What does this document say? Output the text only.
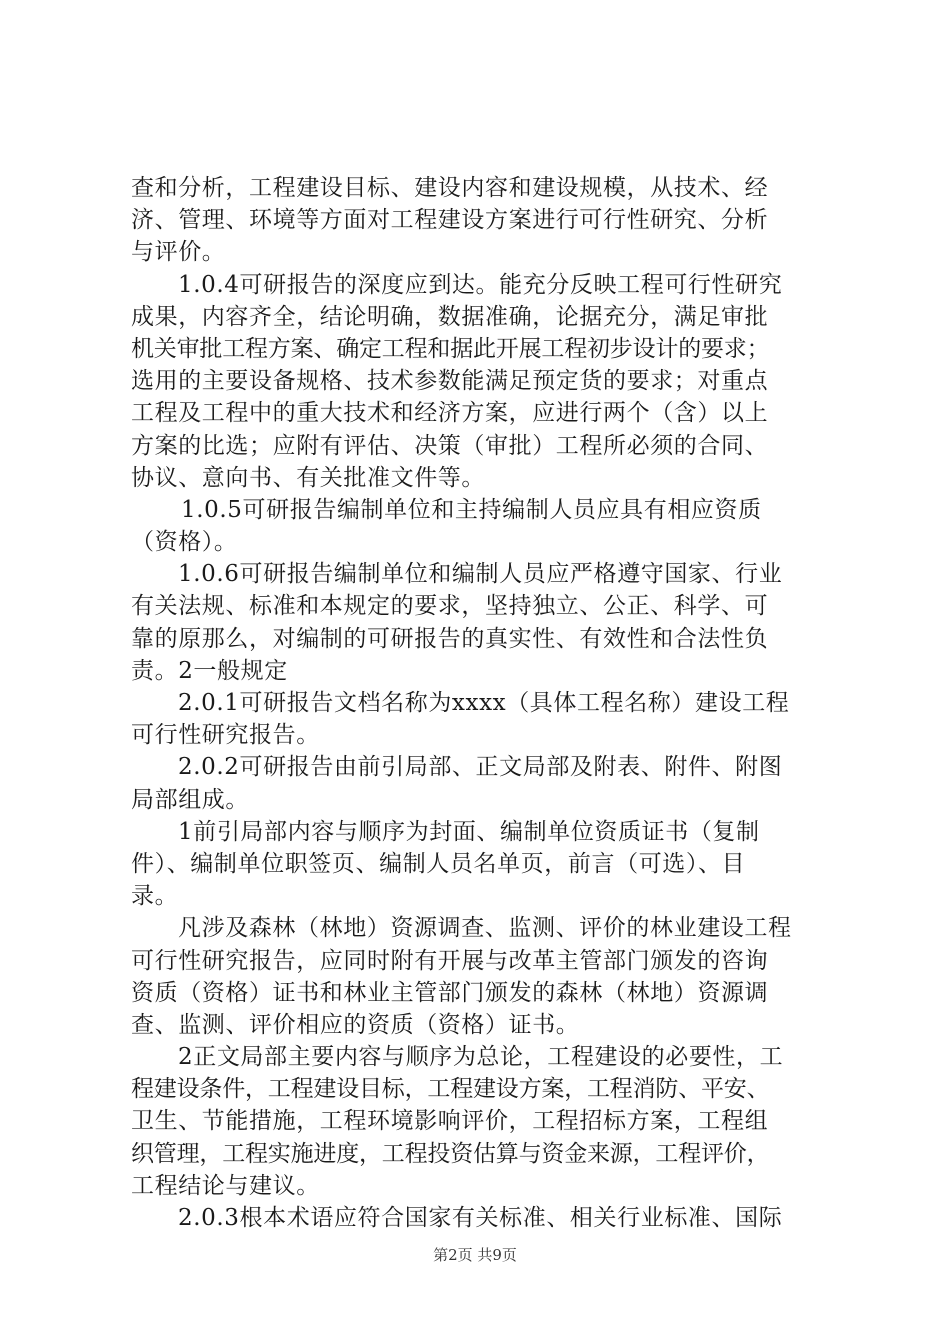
查和分析，工程建设目标、建设内容和建设规模，从技术、经
济、管理、环境等方面对工程建设方案进行可行性研究、分析
与评价。
1.0.4可研报告的深度应到达。能充分反映工程可行性研究
成果，内容齐全，结论明确，数据准确，论据充分，满足审批
机关审批工程方案、确定工程和据此开展工程初步设计的要求；
选用的主要设备规格、技术参数能满足预定货的要求；对重点
工程及工程中的重大技术和经济方案，应进行两个（含）以上
方案的比选；应附有评估、决策（审批）工程所必须的合同、
协议、意向书、有关批准文件等。
1.0.5可研报告编制单位和主持编制人员应具有相应资质
（资格）。
1.0.6可研报告编制单位和编制人员应严格遵守国家、行业
有关法规、标准和本规定的要求，坚持独立、公正、科学、可
靠的原那么，对编制的可研报告的真实性、有效性和合法性负
责。2一般规定
2.0.1可研报告文档名称为xxxx（具体工程名称）建设工程
可行性研究报告。
2.0.2可研报告由前引局部、正文局部及附表、附件、附图
局部组成。
1前引局部内容与顺序为封面、编制单位资质证书（复制
件）、编制单位职签页、编制人员名单页，前言（可选）、目
录。
凡涉及森林（林地）资源调查、监测、评价的林业建设工程
可行性研究报告，应同时附有开展与改革主管部门颁发的咨询
资质（资格）证书和林业主管部门颁发的森林（林地）资源调
查、监测、评价相应的资质（资格）证书。
2正文局部主要内容与顺序为总论，工程建设的必要性，工
程建设条件，工程建设目标，工程建设方案，工程消防、平安、
卫生、节能措施，工程环境影响评价，工程招标方案，工程组
织管理，工程实施进度，工程投资估算与资金来源，工程评价，
工程结论与建议。
2.0.3根本术语应符合国家有关标准、相关行业标准、国际
第2页 共9页
